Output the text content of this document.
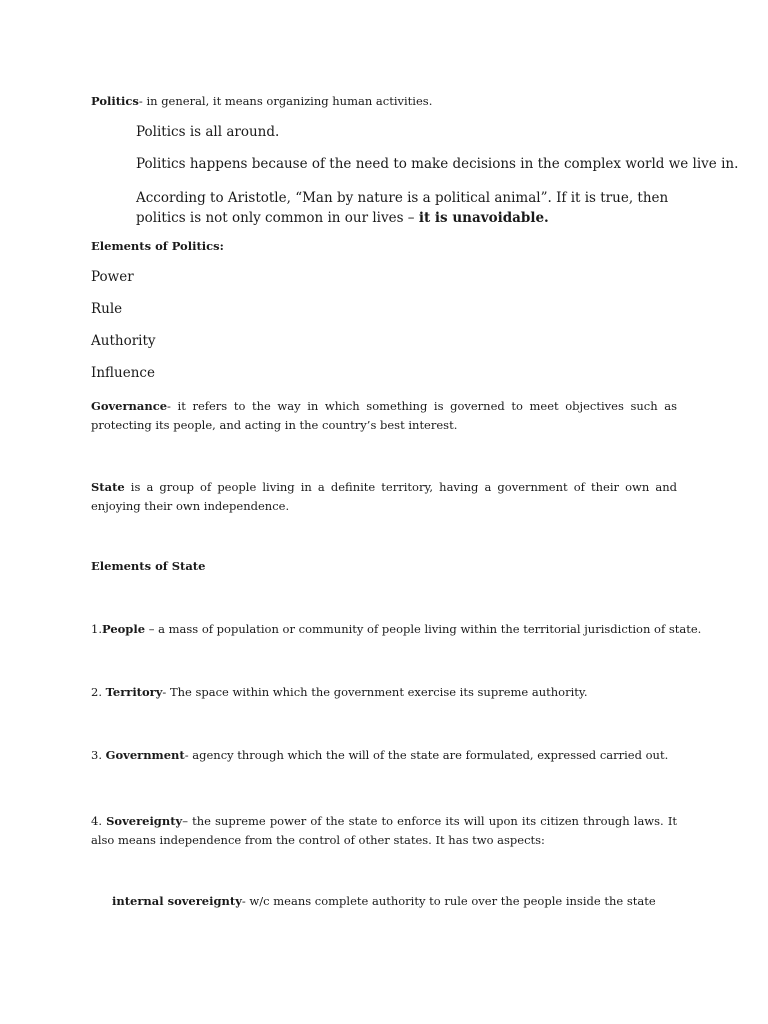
Politics- in general, it means organizing human activities.

Politics is all around.

Politics happens because of the need to make decisions in the complex world we live in.

According to Aristotle, “Man by nature is a political animal”. If it is true, then politics is not only common in our lives – it is unavoidable.

Elements of Politics:

Power

Rule

Authority

Influence

Governance- it refers to the way in which something is governed to meet objectives such as protecting its people, and acting in the country’s best interest.

State is a group of people living in a definite territory, having a government of their own and enjoying their own independence.

Elements of State

1.People – a mass of population or community of people living within the territorial jurisdiction of state.

2. Territory- The space within which the government exercise its supreme authority.

3. Government- agency through which the will of the state are formulated, expressed carried out.

4. Sovereignty– the supreme power of the state to enforce its will upon its citizen through laws. It also means independence from the control of other states. It has two aspects:

internal sovereignty- w/c means complete authority to rule over the people inside the state
